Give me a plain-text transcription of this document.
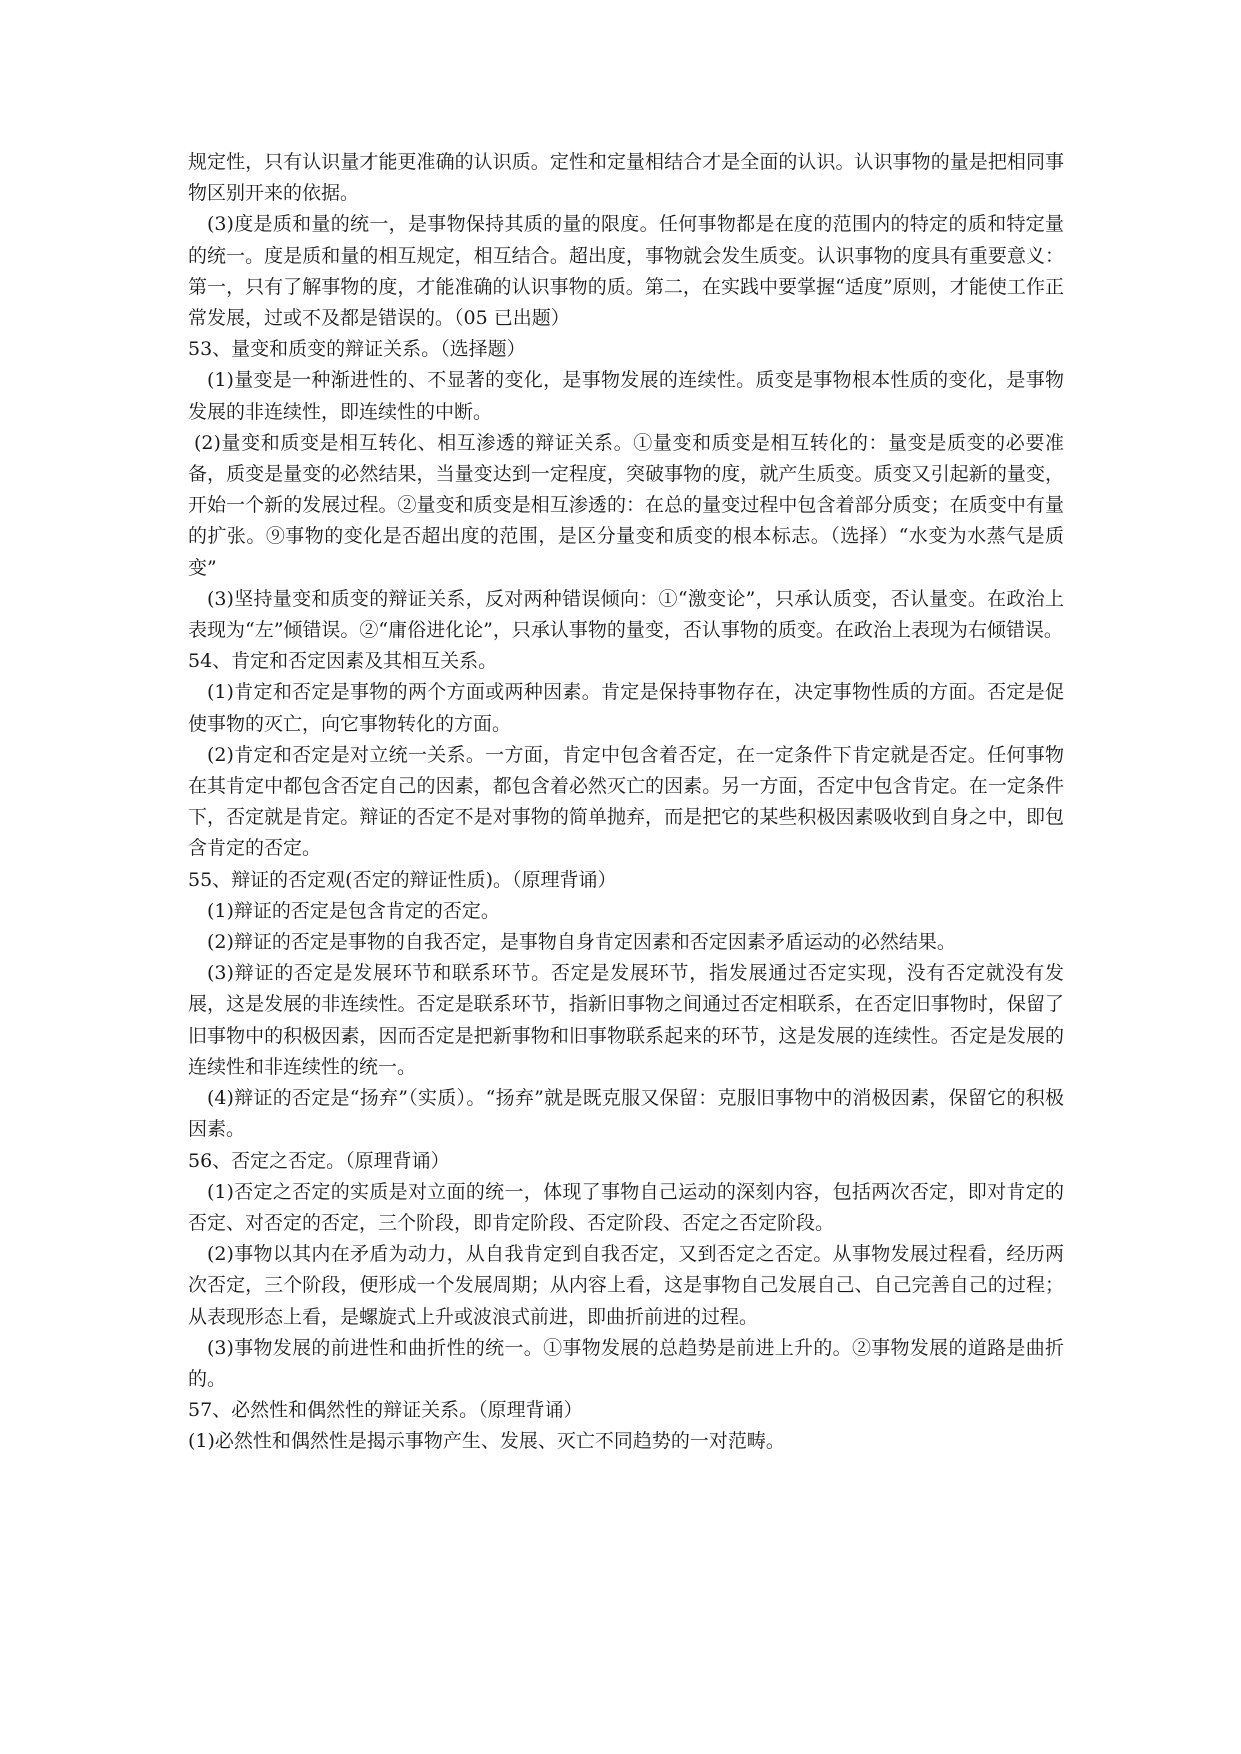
规定性，只有认识量才能更准确的认识质。定性和定量相结合才是全面的认识。认识事物的量是把相同事物区别开来的依据。

(3)度是质和量的统一，是事物保持其质的量的限度。任何事物都是在度的范围内的特定的质和特定量的统一。度是质和量的相互规定，相互结合。超出度，事物就会发生质变。认识事物的度具有重要意义：第一，只有了解事物的度，才能准确的认识事物的质。第二，在实践中要掌握“适度”原则，才能使工作正常发展，过或不及都是错误的。（05 已出题）

53、量变和质变的辩证关系。（选择题）

(1)量变是一种渐进性的、不显著的变化，是事物发展的连续性。质变是事物根本性质的变化，是事物发展的非连续性，即连续性的中断。

(2)量变和质变是相互转化、相互渗透的辩证关系。①量变和质变是相互转化的：量变是质变的必要准备，质变是量变的必然结果，当量变达到一定程度，突破事物的度，就产生质变。质变又引起新的量变，开始一个新的发展过程。②量变和质变是相互渗透的：在总的量变过程中包含着部分质变；在质变中有量的扩张。⑨事物的变化是否超出度的范围，是区分量变和质变的根本标志。（选择）“水变为水蒸气是质变”

(3)坚持量变和质变的辩证关系，反对两种错误倾向：①“激变论”，只承认质变，否认量变。在政治上表现为“左”倾错误。②“庸俗进化论”，只承认事物的量变，否认事物的质变。在政治上表现为右倾错误。

54、肯定和否定因素及其相互关系。

(1)肯定和否定是事物的两个方面或两种因素。肯定是保持事物存在，决定事物性质的方面。否定是促使事物的灭亡，向它事物转化的方面。

(2)肯定和否定是对立统一关系。一方面，肯定中包含着否定，在一定条件下肯定就是否定。任何事物在其肯定中都包含否定自己的因素，都包含着必然灭亡的因素。另一方面，否定中包含肯定。在一定条件下，否定就是肯定。辩证的否定不是对事物的简单抛弃，而是把它的某些积极因素吸收到自身之中，即包含肯定的否定。

55、辩证的否定观(否定的辩证性质)。（原理背诵）

(1)辩证的否定是包含肯定的否定。

(2)辩证的否定是事物的自我否定，是事物自身肯定因素和否定因素矛盾运动的必然结果。

(3)辩证的否定是发展环节和联系环节。否定是发展环节，指发展通过否定实现，没有否定就没有发展，这是发展的非连续性。否定是联系环节，指新旧事物之间通过否定相联系，在否定旧事物时，保留了旧事物中的积极因素，因而否定是把新事物和旧事物联系起来的环节，这是发展的连续性。否定是发展的连续性和非连续性的统一。

(4)辩证的否定是“扬弃”（实质）。“扬弃”就是既克服又保留：克服旧事物中的消极因素，保留它的积极因素。

56、否定之否定。（原理背诵）

(1)否定之否定的实质是对立面的统一，体现了事物自己运动的深刻内容，包括两次否定，即对肯定的否定、对否定的否定，三个阶段，即肯定阶段、否定阶段、否定之否定阶段。

(2)事物以其内在矛盾为动力，从自我肯定到自我否定，又到否定之否定。从事物发展过程看，经历两次否定，三个阶段，便形成一个发展周期；从内容上看，这是事物自己发展自己、自己完善自己的过程；从表现形态上看，是螺旋式上升或波浪式前进，即曲折前进的过程。

(3)事物发展的前进性和曲折性的统一。①事物发展的总趋势是前进上升的。②事物发展的道路是曲折的。

57、必然性和偶然性的辩证关系。（原理背诵）

(1)必然性和偶然性是揭示事物产生、发展、灭亡不同趋势的一对范畴。
